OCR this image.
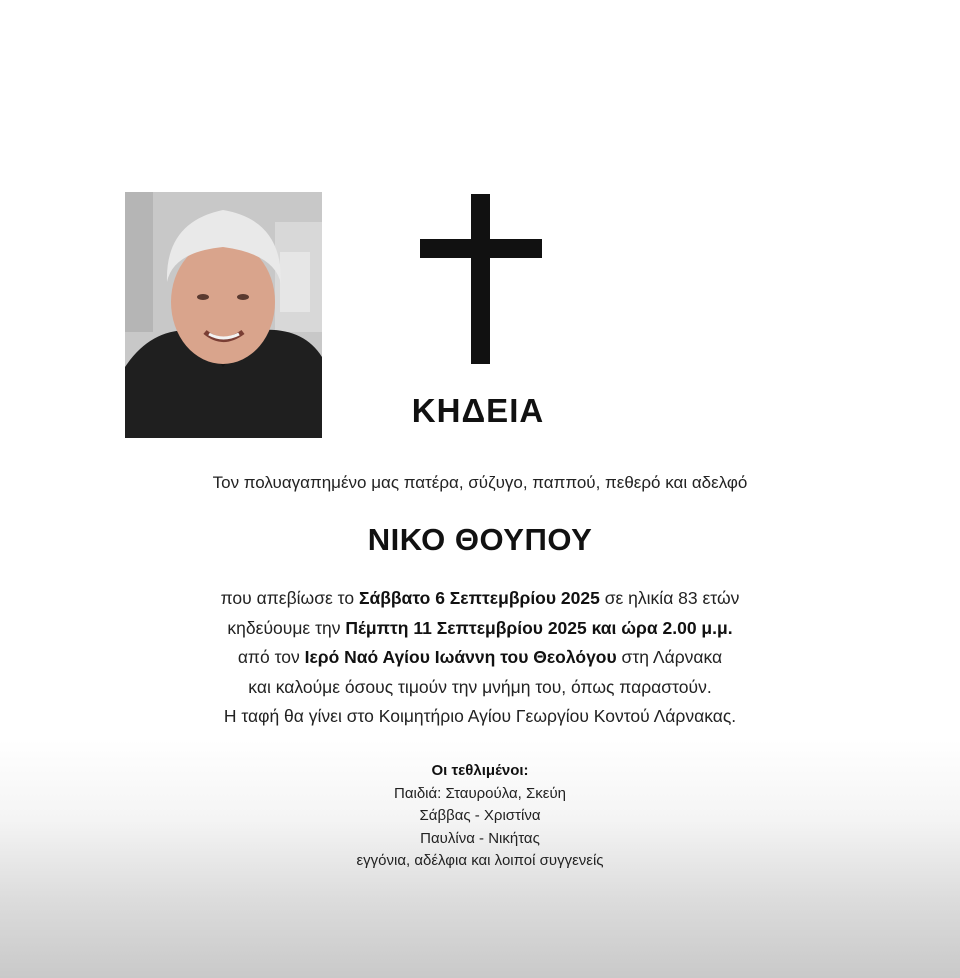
ΚΗΔΕΙΑ
Τον πολυαγαπημένο μας πατέρα, σύζυγο, παππού, πεθερό και αδελφό
ΝΙΚΟ ΘΟΥΠΟΥ
που απεβίωσε το Σάββατο 6 Σεπτεμβρίου 2025 σε ηλικία 83 ετών
κηδεύουμε την Πέμπτη 11 Σεπτεμβρίου 2025 και ώρα 2.00 μ.μ.
από τον Ιερό Ναό Αγίου Ιωάννη του Θεολόγου στη Λάρνακα
και καλούμε όσους τιμούν την μνήμη του, όπως παραστούν.
Η ταφή θα γίνει στο Κοιμητήριο Αγίου Γεωργίου Κοντού Λάρνακας.
Οι τεθλιμένοι:
Παιδιά: Σταυρούλα, Σκεύη
Σάββας - Χριστίνα
Παυλίνα - Νικήτας
εγγόνια, αδέλφια και λοιποί συγγενείς
